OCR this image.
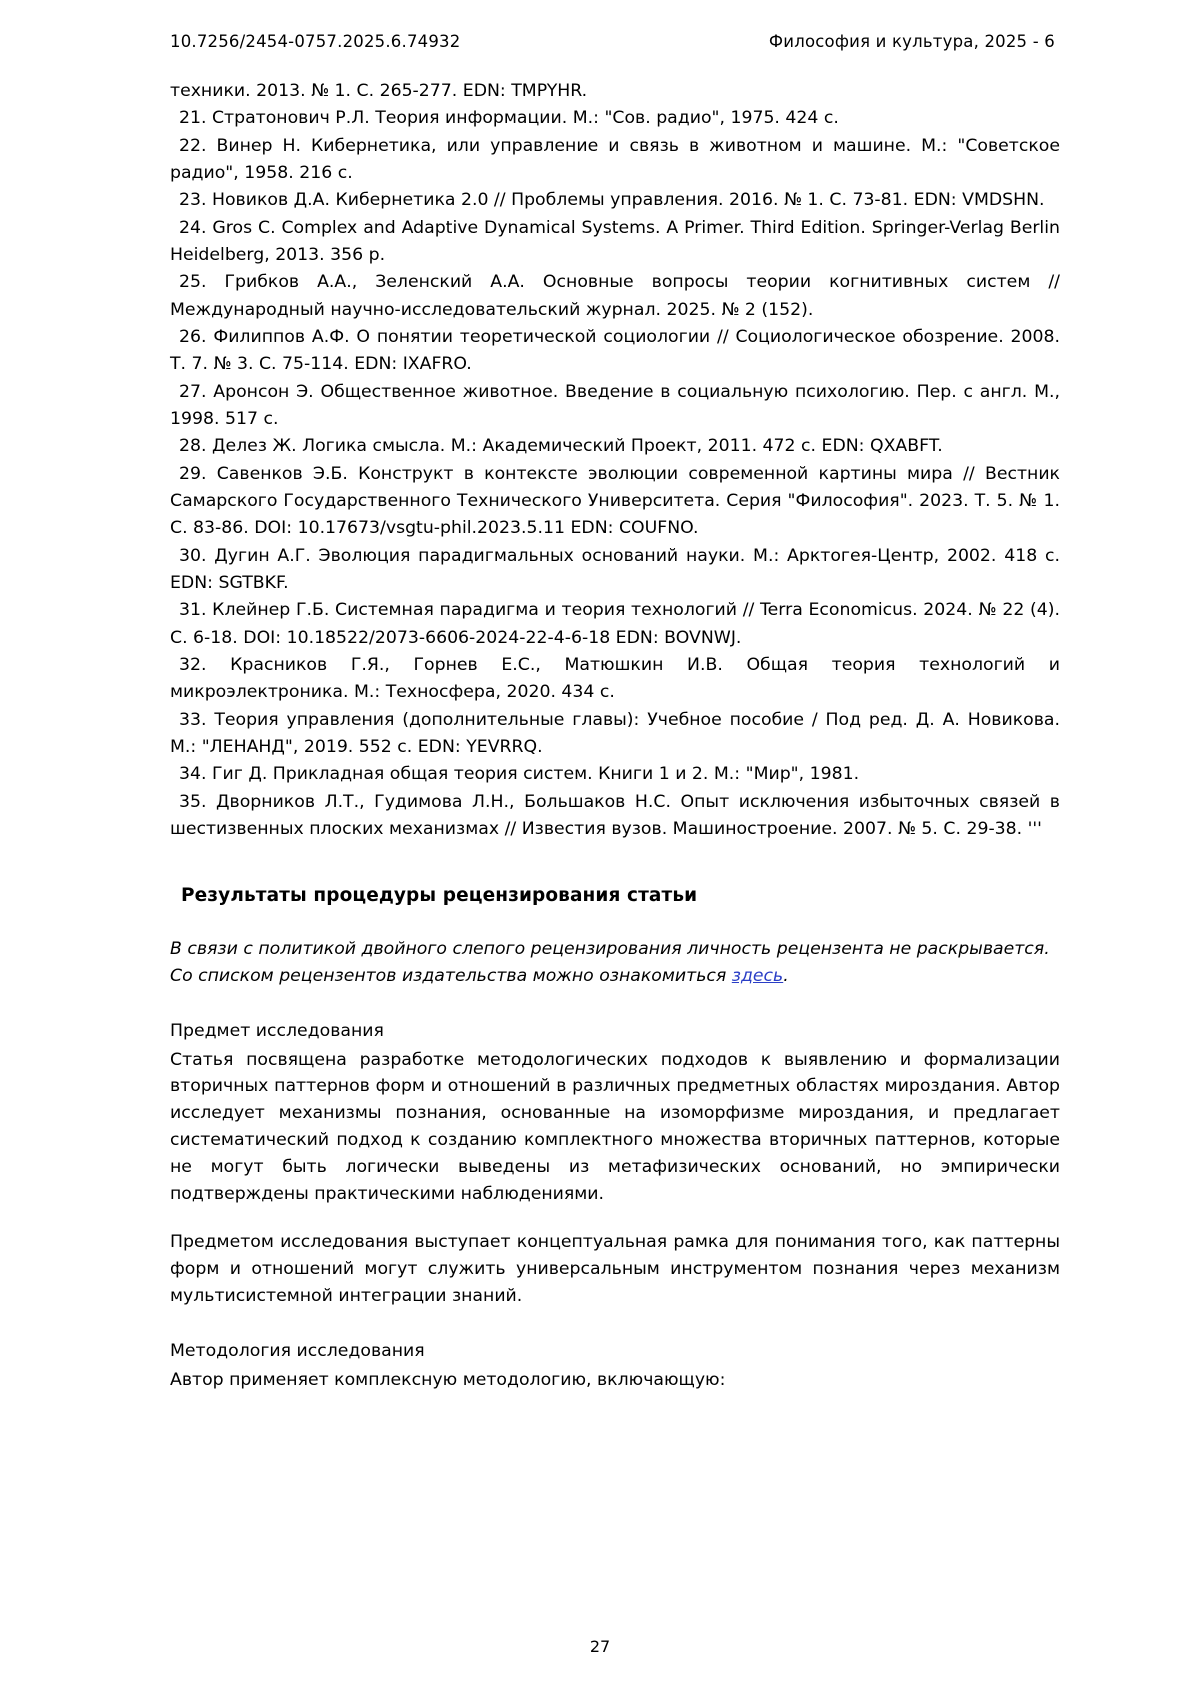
10.7256/2454-0757.2025.6.74932	Философия и культура, 2025 - 6

техники. 2013. № 1. С. 265-277. EDN: TMPYHR.

21. Стратонович Р.Л. Теория информации. М.: "Сов. радио", 1975. 424 с.

22. Винер Н. Кибернетика, или управление и связь в животном и машине. М.: "Советское радио", 1958. 216 с.

23. Новиков Д.А. Кибернетика 2.0 // Проблемы управления. 2016. № 1. С. 73-81. EDN: VMDSHN.

24. Gros C. Complex and Adaptive Dynamical Systems. A Primer. Third Edition. Springer-Verlag Berlin Heidelberg, 2013. 356 p.

25. Грибков А.А., Зеленский А.А. Основные вопросы теории когнитивных систем // Международный научно-исследовательский журнал. 2025. № 2 (152).

26. Филиппов А.Ф. О понятии теоретической социологии // Социологическое обозрение. 2008. Т. 7. № 3. С. 75-114. EDN: IXAFRO.

27. Аронсон Э. Общественное животное. Введение в социальную психологию. Пер. с англ. М., 1998. 517 с.

28. Делез Ж. Логика смысла. М.: Академический Проект, 2011. 472 с. EDN: QXABFT.

29. Савенков Э.Б. Конструкт в контексте эволюции современной картины мира // Вестник Самарского Государственного Технического Университета. Серия "Философия". 2023. Т. 5. № 1. С. 83-86. DOI: 10.17673/vsgtu-phil.2023.5.11 EDN: COUFNO.

30. Дугин А.Г. Эволюция парадигмальных оснований науки. М.: Арктогея-Центр, 2002. 418 с. EDN: SGTBKF.

31. Клейнер Г.Б. Системная парадигма и теория технологий // Terra Economicus. 2024. № 22 (4). С. 6-18. DOI: 10.18522/2073-6606-2024-22-4-6-18 EDN: BOVNWJ.

32. Красников Г.Я., Горнев Е.С., Матюшкин И.В. Общая теория технологий и микроэлектроника. М.: Техносфера, 2020. 434 с.

33. Теория управления (дополнительные главы): Учебное пособие / Под ред. Д. А. Новикова. М.: "ЛЕНАНД", 2019. 552 с. EDN: YEVRRQ.

34. Гиг Д. Прикладная общая теория систем. Книги 1 и 2. М.: "Мир", 1981.

35. Дворников Л.Т., Гудимова Л.Н., Большаков Н.С. Опыт исключения избыточных связей в шестизвенных плоских механизмах // Известия вузов. Машиностроение. 2007. № 5. С. 29-38. '''

Результаты процедуры рецензирования статьи

В связи с политикой двойного слепого рецензирования личность рецензента не раскрывается.

Со списком рецензентов издательства можно ознакомиться здесь.

Предмет исследования

Статья посвящена разработке методологических подходов к выявлению и формализации вторичных паттернов форм и отношений в различных предметных областях мироздания. Автор исследует механизмы познания, основанные на изоморфизме мироздания, и предлагает систематический подход к созданию комплектного множества вторичных паттернов, которые не могут быть логически выведены из метафизических оснований, но эмпирически подтверждены практическими наблюдениями.

Предметом исследования выступает концептуальная рамка для понимания того, как паттерны форм и отношений могут служить универсальным инструментом познания через механизм мультисистемной интеграции знаний.

Методология исследования

Автор применяет комплексную методологию, включающую:

27
